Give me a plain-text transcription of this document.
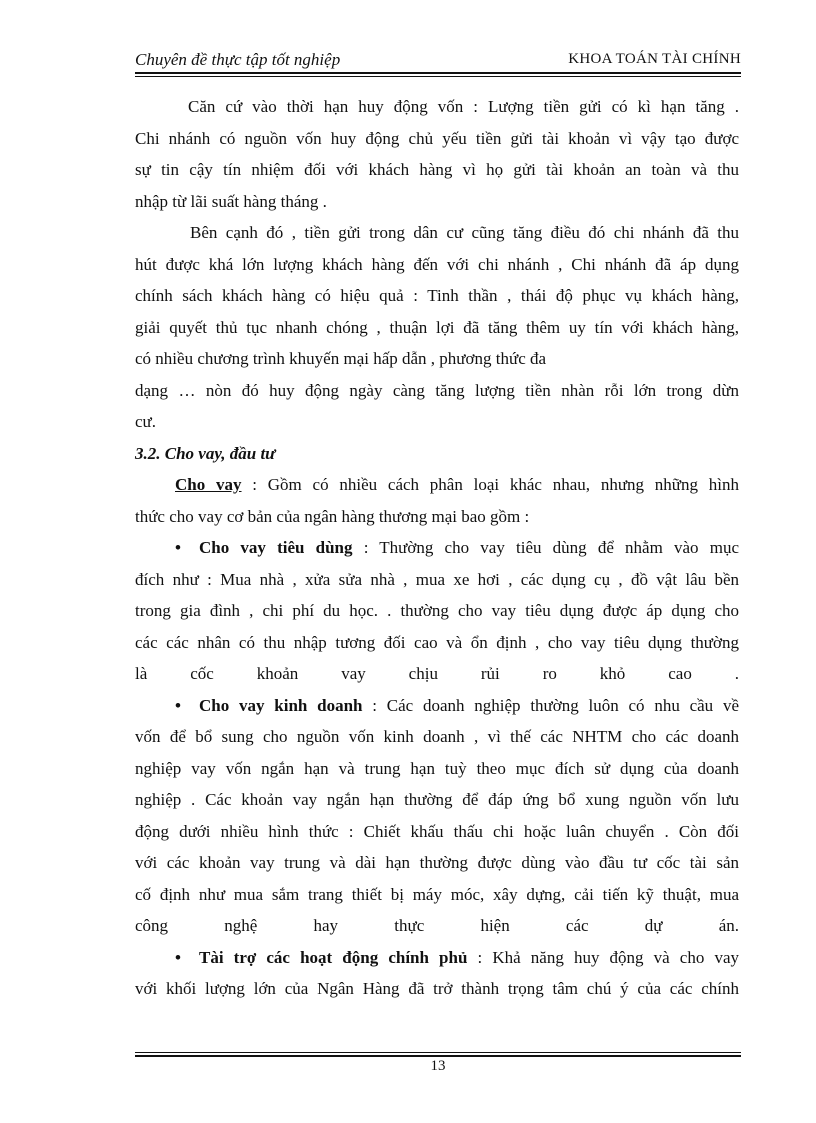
Chuyên đề thực tập tốt nghiệp	KHOA TOÁN TÀI CHÍNH
Căn cứ vào thời hạn huy động vốn : Lượng tiền gửi có kì hạn tăng .
Chi nhánh có nguồn vốn huy động chủ yếu tiền gửi tài khoản vì vậy tạo được
sự tin cậy tín nhiệm đối với khách hàng vì họ gửi tài khoản an toàn và thu
nhập từ lãi suất hàng tháng .
Bên cạnh đó , tiền gửi trong dân cư cũng tăng điều đó chi nhánh đã thu
hút được khá lớn lượng khách hàng đến với chi nhánh , Chi nhánh đã áp dụng
chính sách khách hàng có hiệu quả : Tinh thần , thái độ phục vụ khách hàng,
giải quyết thủ tục nhanh chóng , thuận lợi đã tăng thêm uy tín với khách hàng,
có nhiều chương trình khuyến mại hấp dẫn , phương thức đa
dạng … nòn đó huy động ngày càng tăng lượng tiền nhàn rỗi lớn trong dừn
cư.
3.2. Cho vay, đầu tư
Cho vay : Gồm có nhiều cách phân loại khác nhau, nhưng những hình
thức cho vay cơ bản của ngân hàng thương mại bao gồm :
• Cho vay tiêu dùng : Thường cho vay tiêu dùng để nhằm vào mục
đích như : Mua nhà , xửa sửa nhà , mua xe hơi , các dụng cụ , đồ vật lâu bền
trong gia đình , chi phí du học. . thường cho vay tiêu dụng được áp dụng cho
các các nhân có thu nhập tương đối cao và ổn định , cho vay tiêu dụng thường
là cốc khoản vay chịu rủi ro khỏ cao .
• Cho vay kinh doanh : Các doanh nghiệp thường luôn có nhu cầu về
vốn để bổ sung cho nguồn vốn kinh doanh , vì thế các NHTM cho các doanh
nghiệp vay vốn ngắn hạn và trung hạn tuỳ theo mục đích sử dụng của doanh
nghiệp . Các khoản vay ngắn hạn thường để đáp ứng bổ xung nguồn vốn lưu
động dưới nhiều hình thức : Chiết khấu thấu chi hoặc luân chuyển . Còn đối
với các khoản vay trung và dài hạn thường được dùng vào đầu tư cốc tài sản
cố định như mua sắm trang thiết bị máy móc, xây dựng, cải tiến kỹ thuật, mua
công nghệ hay thực hiện các dự án.
• Tài trợ các hoạt động chính phủ : Khả năng huy động và cho vay
với khối lượng lớn của Ngân Hàng đã trở thành trọng tâm chú ý của các chính
13
